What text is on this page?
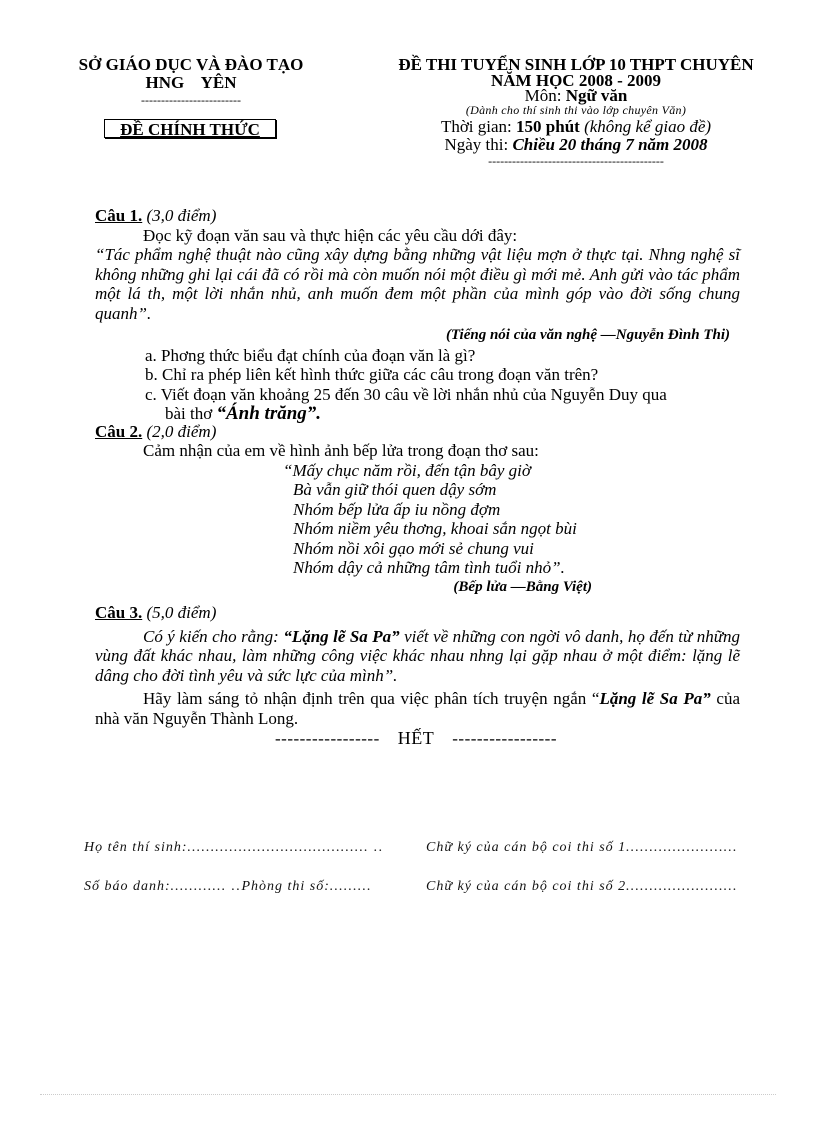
SỞ GIÁO DỤC VÀ ĐÀO TẠO
HNG    YÊN
-------------------------
ĐỀ CHÍNH THỨC
ĐỀ THI TUYỂN SINH LỚP 10 THPT CHUYÊN
NĂM HỌC 2008 - 2009
Môn: Ngữ văn
(Dành cho thí sinh thi vào lớp chuyên Văn)
Thời gian: 150 phút (không kể giao đề)
Ngày thi: Chiều 20 tháng 7 năm 2008
--------------------------------------------

Câu 1. (3,0 điểm)

Đọc kỹ đoạn văn sau và thực hiện các yêu cầu dới đây:

“Tác phẩm nghệ thuật nào cũng xây dựng bằng những vật liệu mợn ở thực tại. Nhng nghệ sĩ không những ghi lại cái đã có rồi mà còn muốn nói một điều gì mới mẻ. Anh gửi vào tác phẩm một lá th, một lời nhắn nhủ, anh muốn đem một phần của mình góp vào đời sống chung quanh”.

(Tiếng nói của văn nghệ —Nguyễn Đình Thi)

a. Phơng thức biểu đạt chính của đoạn văn là gì?

b. Chỉ ra phép liên kết hình thức giữa các câu trong đoạn văn trên?

c. Viết đoạn văn khoảng 25 đến 30 câu về lời nhắn nhủ của Nguyễn Duy qua

bài thơ “Ánh trăng”.

Câu 2. (2,0 điểm)

Cảm nhận của em về hình ảnh bếp lửa trong đoạn thơ sau:

“Mấy chục năm rồi, đến tận bây giờ

Bà vẫn giữ thói quen dậy sớm

Nhóm bếp lửa ấp iu nồng đợm

Nhóm niềm yêu thơng, khoai sắn ngọt bùi

Nhóm nồi xôi gạo mới sẻ chung vui

Nhóm dậy cả những tâm tình tuổi nhỏ”.

(Bếp lửa —Bằng Việt)

Câu 3. (5,0 điểm)

Có ý kiến cho rằng: “Lặng lẽ Sa Pa” viết về những con ngời vô danh, họ đến từ những vùng đất khác nhau, làm những công việc khác nhau nhng lại gặp nhau ở một điểm: lặng lẽ dâng cho đời tình yêu và sức lực của mình”.

Hãy làm sáng tỏ nhận định trên qua việc phân tích truyện ngắn “Lặng lẽ Sa Pa” của nhà văn Nguyễn Thành Long.

----------------- HẾT -----------------
Họ tên thí sinh:………………………………… ..	Chữ ký của cán bộ coi thi số 1……………………
Số báo danh:………… ..Phòng thi số:………	Chữ ký của cán bộ coi thi số 2……………………
